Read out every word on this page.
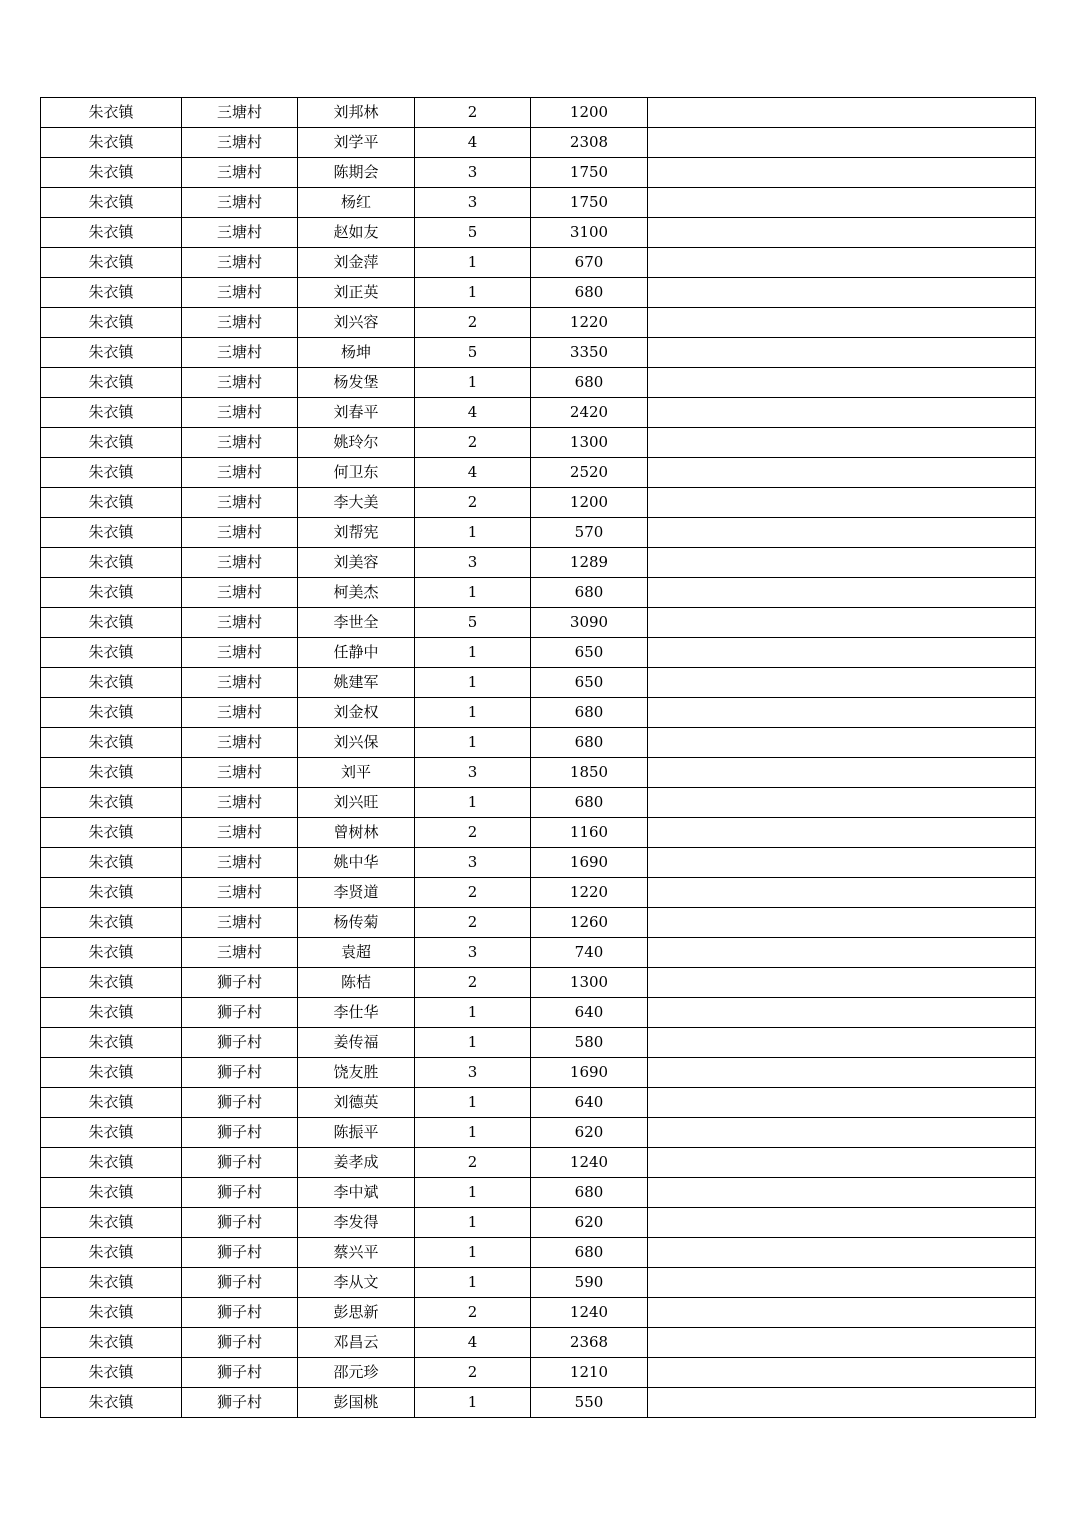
朱衣镇	三塘村	刘邦林	2	1200	
朱衣镇	三塘村	刘学平	4	2308	
朱衣镇	三塘村	陈期会	3	1750	
朱衣镇	三塘村	杨红	3	1750	
朱衣镇	三塘村	赵如友	5	3100	
朱衣镇	三塘村	刘金萍	1	670	
朱衣镇	三塘村	刘正英	1	680	
朱衣镇	三塘村	刘兴容	2	1220	
朱衣镇	三塘村	杨坤	5	3350	
朱衣镇	三塘村	杨发堡	1	680	
朱衣镇	三塘村	刘春平	4	2420	
朱衣镇	三塘村	姚玲尔	2	1300	
朱衣镇	三塘村	何卫东	4	2520	
朱衣镇	三塘村	李大美	2	1200	
朱衣镇	三塘村	刘帮宪	1	570	
朱衣镇	三塘村	刘美容	3	1289	
朱衣镇	三塘村	柯美杰	1	680	
朱衣镇	三塘村	李世全	5	3090	
朱衣镇	三塘村	任静中	1	650	
朱衣镇	三塘村	姚建军	1	650	
朱衣镇	三塘村	刘金权	1	680	
朱衣镇	三塘村	刘兴保	1	680	
朱衣镇	三塘村	刘平	3	1850	
朱衣镇	三塘村	刘兴旺	1	680	
朱衣镇	三塘村	曾树林	2	1160	
朱衣镇	三塘村	姚中华	3	1690	
朱衣镇	三塘村	李贤道	2	1220	
朱衣镇	三塘村	杨传菊	2	1260	
朱衣镇	三塘村	袁超	3	740	
朱衣镇	狮子村	陈桔	2	1300	
朱衣镇	狮子村	李仕华	1	640	
朱衣镇	狮子村	姜传福	1	580	
朱衣镇	狮子村	饶友胜	3	1690	
朱衣镇	狮子村	刘德英	1	640	
朱衣镇	狮子村	陈振平	1	620	
朱衣镇	狮子村	姜孝成	2	1240	
朱衣镇	狮子村	李中斌	1	680	
朱衣镇	狮子村	李发得	1	620	
朱衣镇	狮子村	蔡兴平	1	680	
朱衣镇	狮子村	李从文	1	590	
朱衣镇	狮子村	彭思新	2	1240	
朱衣镇	狮子村	邓昌云	4	2368	
朱衣镇	狮子村	邵元珍	2	1210	
朱衣镇	狮子村	彭国桃	1	550	
